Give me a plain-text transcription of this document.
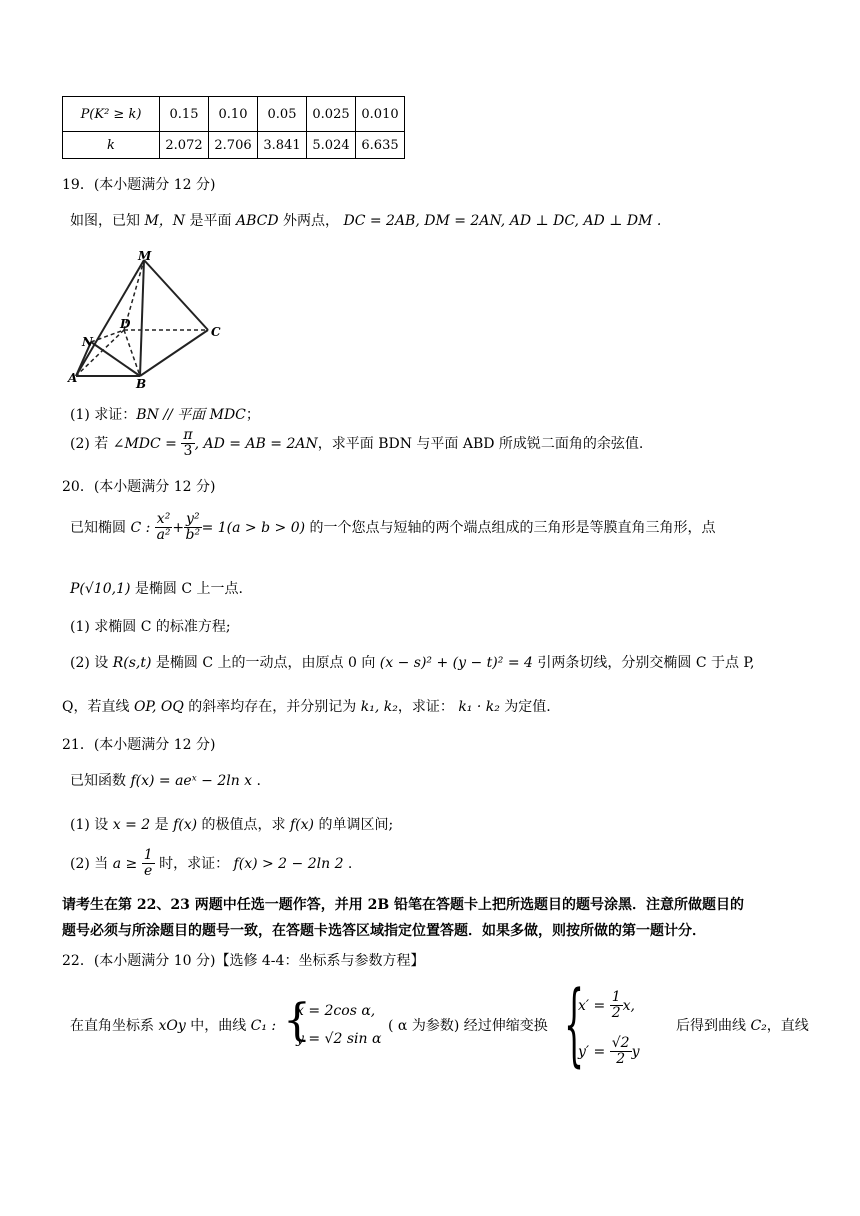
P(K² ≥ k)	0.15	0.10	0.05	0.025	0.010
k	2.072	2.706	3.841	5.024	6.635
19．(本小题满分 12 分)
如图，已知 M，N 是平面 ABCD 外两点， DC = 2AB, DM = 2AN, AD ⊥ DC, AD ⊥ DM .
M
D
N
C
A	B
(1) 求证：BN // 平面 MDC；
(2) 若 ∠MDC = $\frac{\pi}{3}$ , AD = AB = 2AN，求平面 BDN 与平面 ABD 所成锐二面角的余弦值.
20．(本小题满分 12 分)
已知椭圆 C : $\frac{\text{x²}}{\text{a²}} + \frac{\text{y²}}{\text{b²}} = 1(a > b > 0)$ 的一个您点与短轴的两个端点组成的三角形是等膜直角三角形，点
P(√10,1) 是椭圆 C 上一点.
(1) 求椭圆 C 的标准方程;
(2) 设 R(s,t) 是椭圆 C 上的一动点，由原点 0 向 (x − s)² + (y − t)² = 4 引两条切线，分别交椭圆 C 于点 P,
Q，若直线 OP, OQ 的斜率均存在，并分别记为 k₁, k₂，求证： k₁ · k₂ 为定值.
21．(本小题满分 12 分)
已知函数 f(x) = aeˣ − 2ln x .
(1) 设 x = 2 是 f(x) 的极值点，求 f(x) 的单调区间;
(2) 当 $a \ge \frac{1}{e}$ 时，求证： f(x) > 2 − 2ln 2 .
请考生在第 22、23 两题中任选一题作答，并用 2B 铅笔在答题卡上把所选题目的题号涂黑．注意所做题目的
题号必须与所涂题目的题号一致，在答题卡选答区域指定位置答题．如果多做，则按所做的第一题计分．
22．(本小题满分 10 分)【选修 4-4：坐标系与参数方程】
在直角坐标系 xOy 中，曲线 C₁ : {
x = 2cos α,
y = √2 sin α
( α 为参数) 经过伸缩变换 {
$x' = \frac{1}{2} x$,
$y' = \frac{√2}{2}$ y
后得到曲线 C₂，直线
